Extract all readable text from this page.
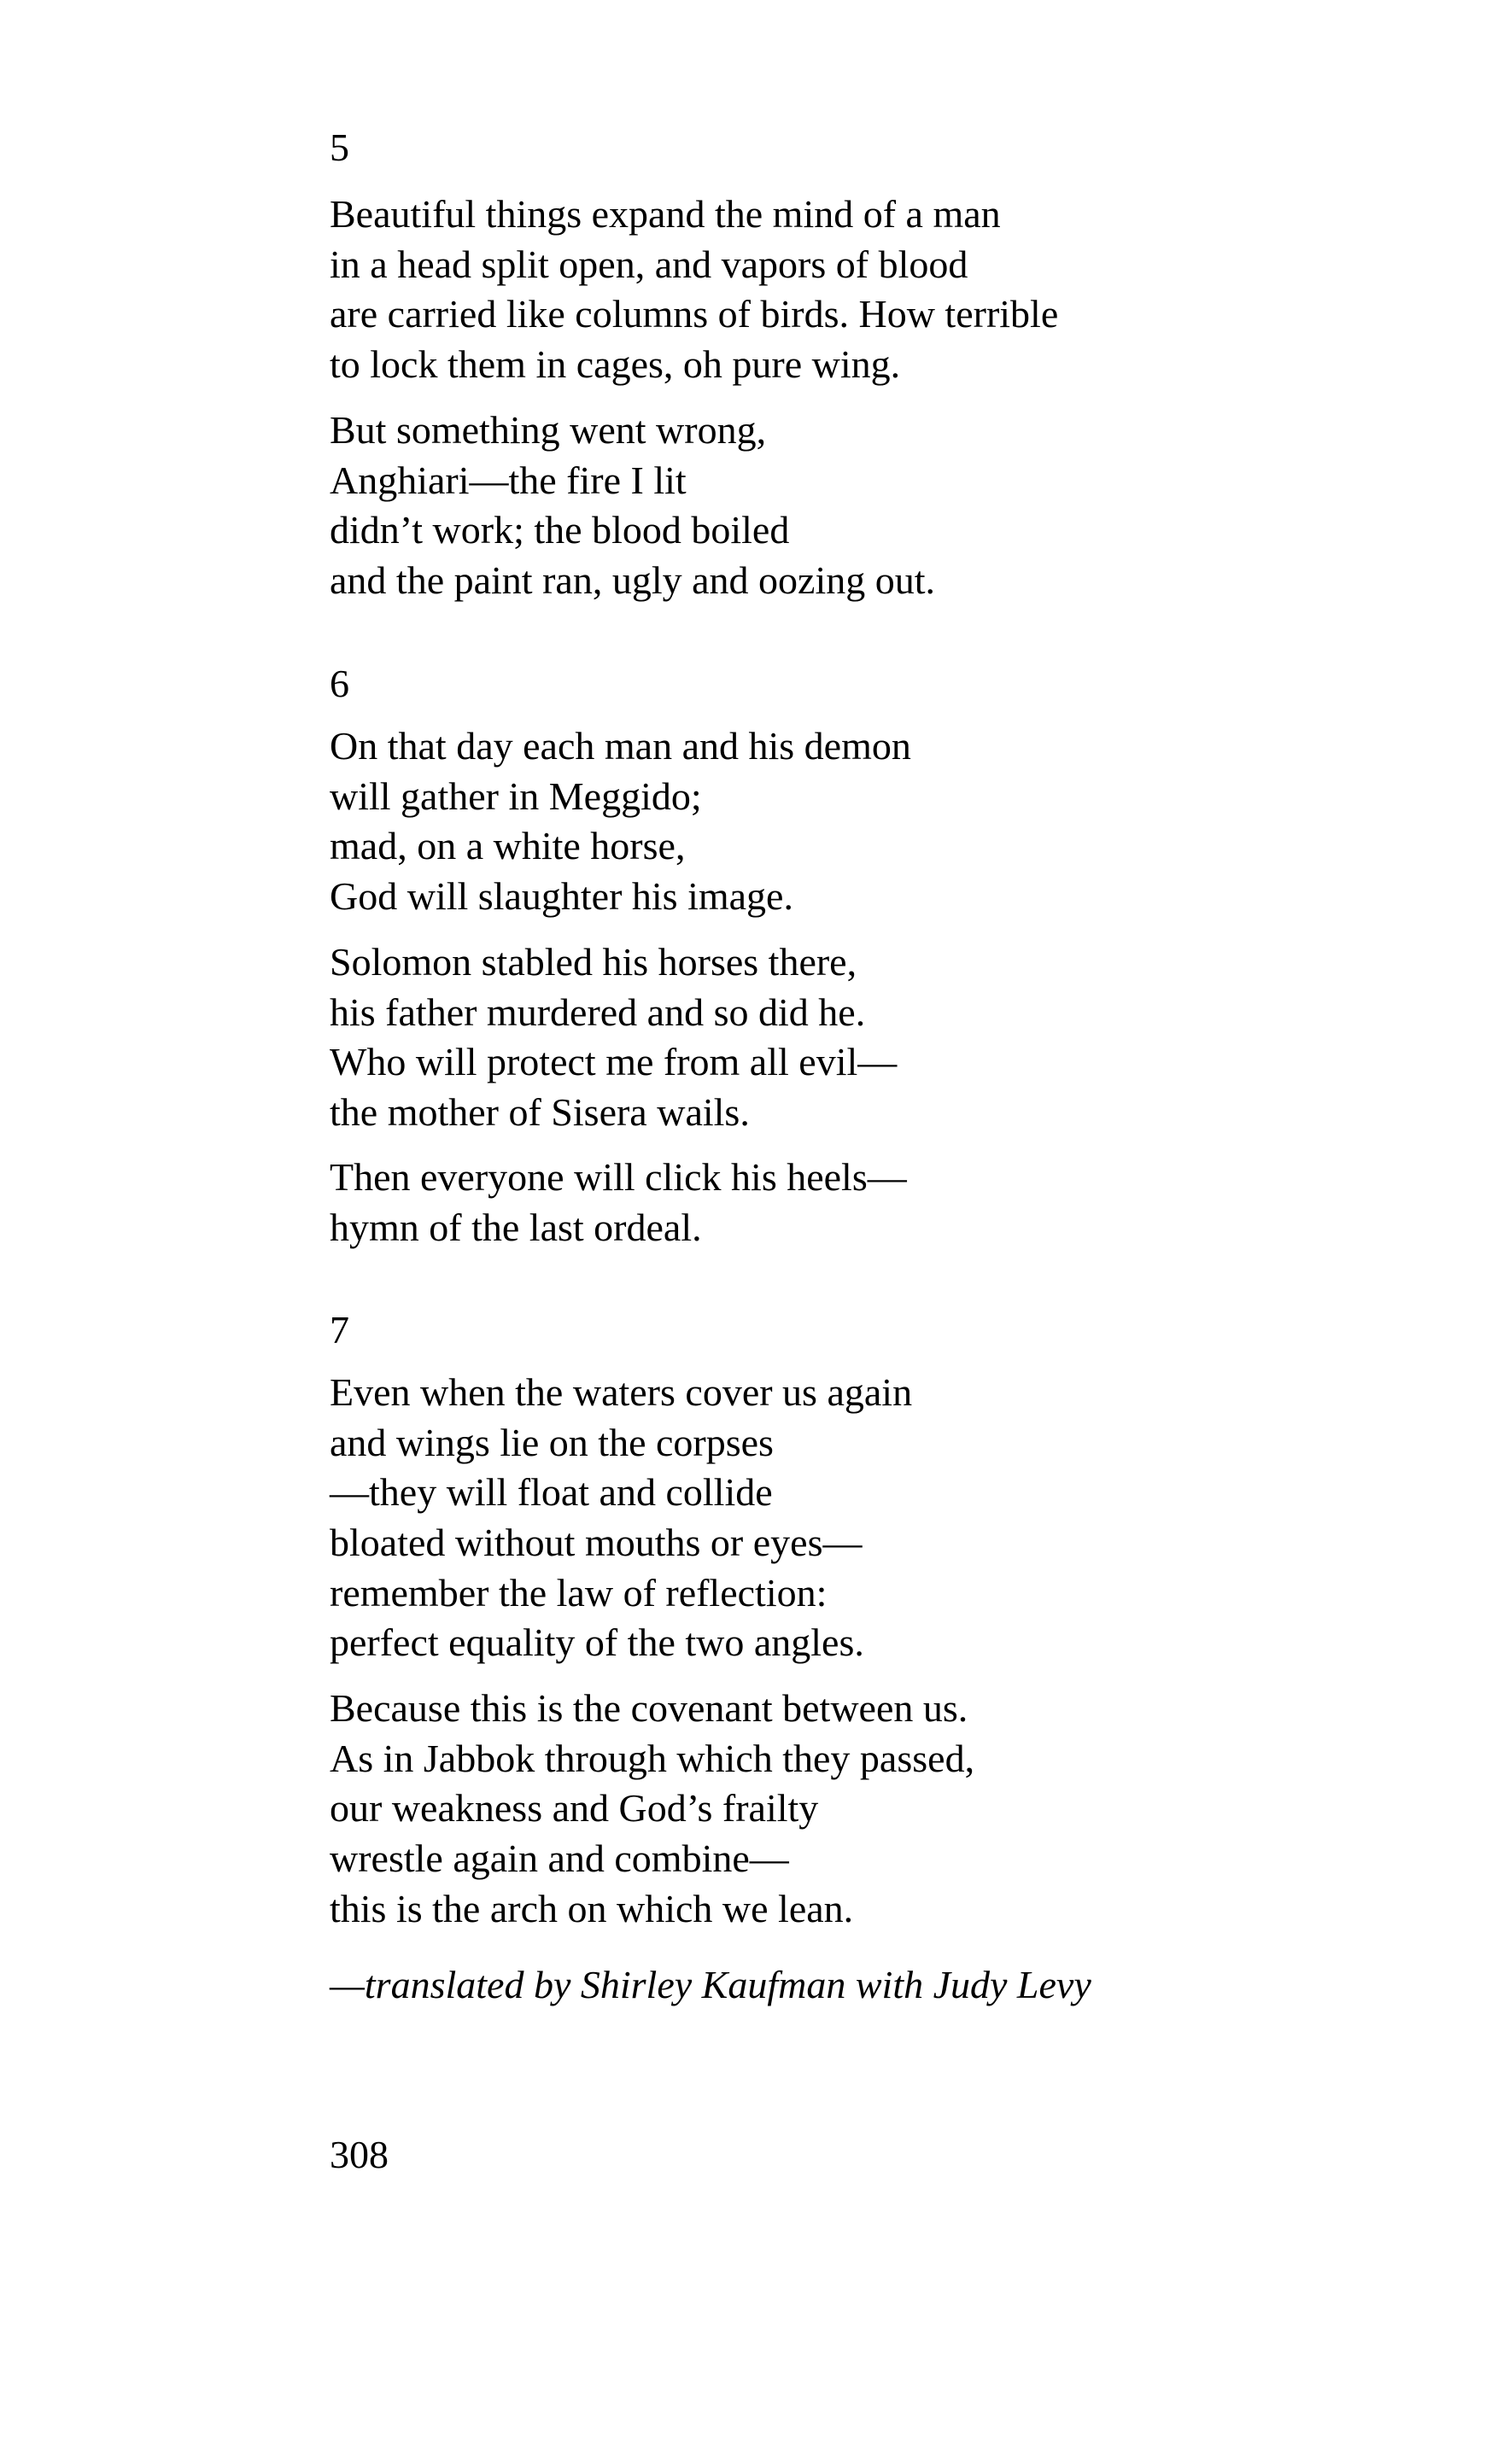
5
Beautiful things expand the mind of a man
in a head split open, and vapors of blood
are carried like columns of birds. How terrible
to lock them in cages, oh pure wing.
But something went wrong,
Anghiari—the fire I lit
didn’t work; the blood boiled
and the paint ran, ugly and oozing out.
6
On that day each man and his demon
will gather in Meggido;
mad, on a white horse,
God will slaughter his image.
Solomon stabled his horses there,
his father murdered and so did he.
Who will protect me from all evil—
the mother of Sisera wails.
Then everyone will click his heels—
hymn of the last ordeal.
7
Even when the waters cover us again
and wings lie on the corpses
—they will float and collide
bloated without mouths or eyes—
remember the law of reflection:
perfect equality of the two angles.
Because this is the covenant between us.
As in Jabbok through which they passed,
our weakness and God’s frailty
wrestle again and combine—
this is the arch on which we lean.
—translated by Shirley Kaufman with Judy Levy
308
